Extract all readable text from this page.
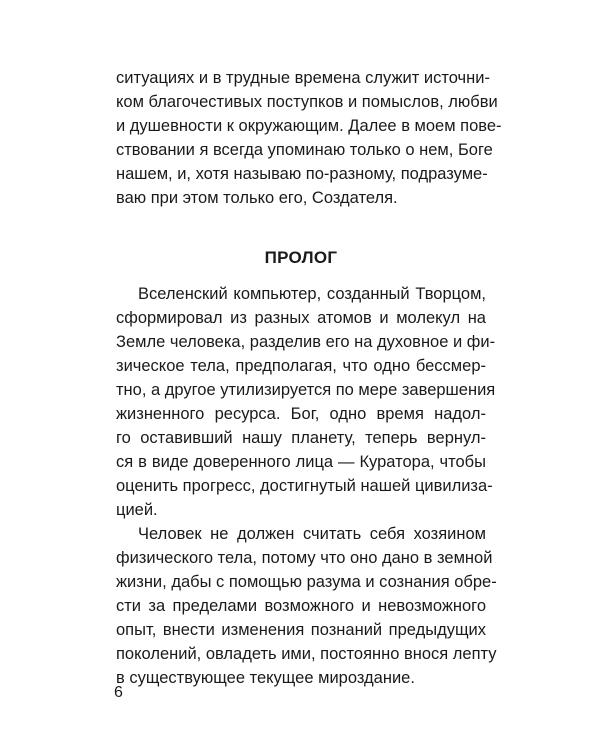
ситуациях и в трудные времена служит источни-
ком благочестивых поступков и помыслов, любви
и душевности к окружающим. Далее в моем пове-
ствовании я всегда упоминаю только о нем, Боге
нашем, и, хотя называю по-разному, подразуме-
ваю при этом только его, Создателя.
ПРОЛОГ
Вселенский компьютер, созданный Творцом,
сформировал из разных атомов и молекул на
Земле человека, разделив его на духовное и фи-
зическое тела, предполагая, что одно бессмер-
тно, а другое утилизируется по мере завершения
жизненного ресурса. Бог, одно время надол-
го оставивший нашу планету, теперь вернул-
ся в виде доверенного лица — Куратора, чтобы
оценить прогресс, достигнутый нашей цивилиза-
цией.
Человек не должен считать себя хозяином
физического тела, потому что оно дано в земной
жизни, дабы с помощью разума и сознания обре-
сти за пределами возможного и невозможного
опыт, внести изменения познаний предыдущих
поколений, овладеть ими, постоянно внося лепту
в существующее текущее мироздание.
6
